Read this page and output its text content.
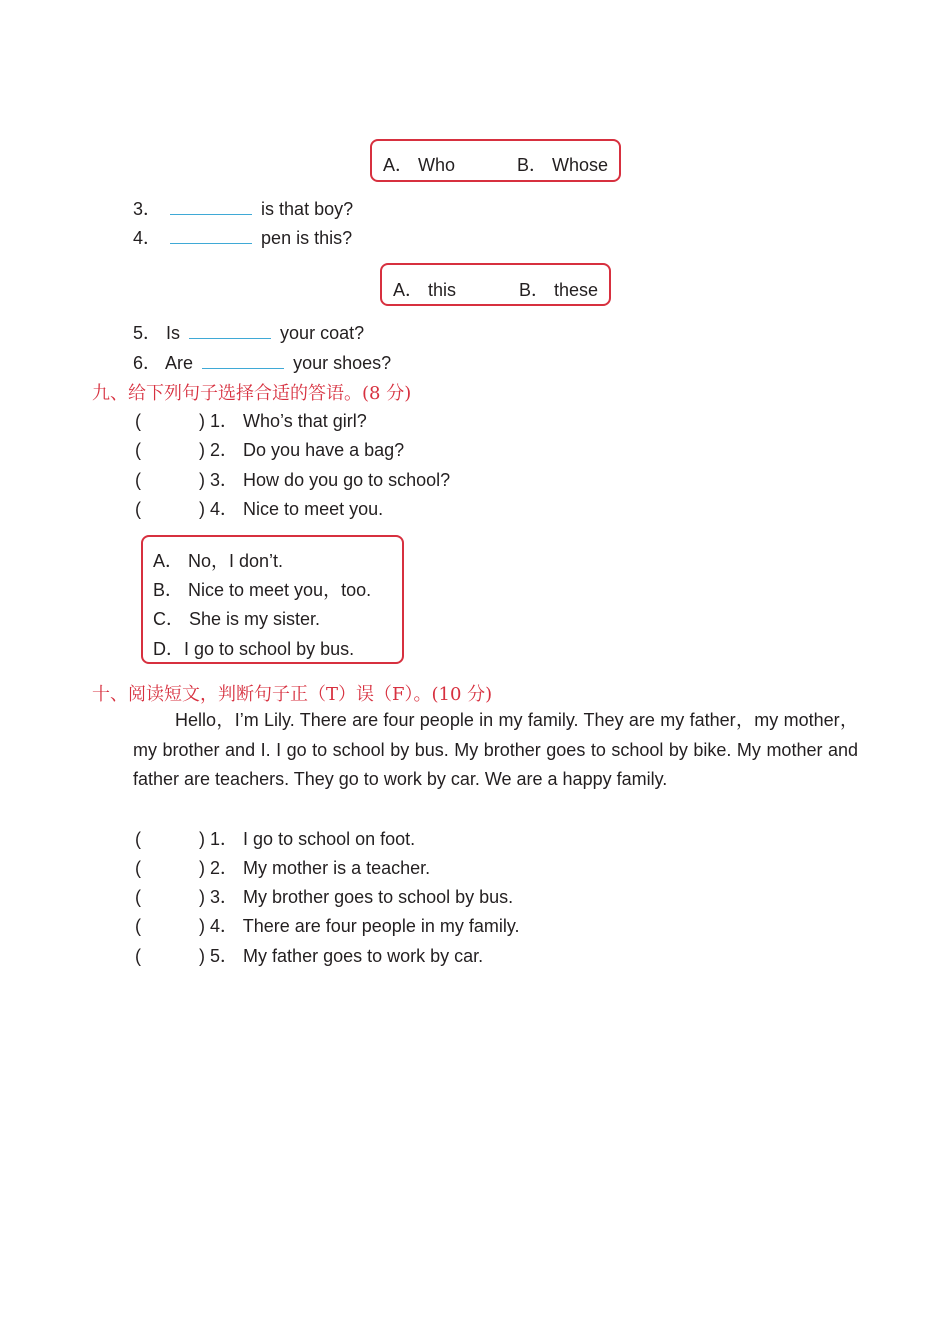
A． Who	B． Whose
3．	is that boy?
4．	pen is this?
A． this	B． these
5． Is	your coat?
6． Are	your shoes?
九、给下列句子选择合适的答语。(8 分)
(	) 1． Who’s that girl?
(	) 2． Do you have a bag?
(	) 3． How do you go to school?
(	) 4． Nice to meet you.
A． No，I don’t.
B． Nice to meet you，too.
C． She is my sister.
D．I go to school by bus.
十、阅读短文，判断句子正（T）误（F）。(10 分)
Hello，I’m Lily. There are four people in my family. They are my father，my mother，my brother and I. I go to school by bus. My brother goes to school by bike. My mother and father are teachers. They go to work by car. We are a happy family.
(	) 1． I go to school on foot.
(	) 2． My mother is a teacher.
(	) 3． My brother goes to school by bus.
(	) 4． There are four people in my family.
(	) 5． My father goes to work by car.
